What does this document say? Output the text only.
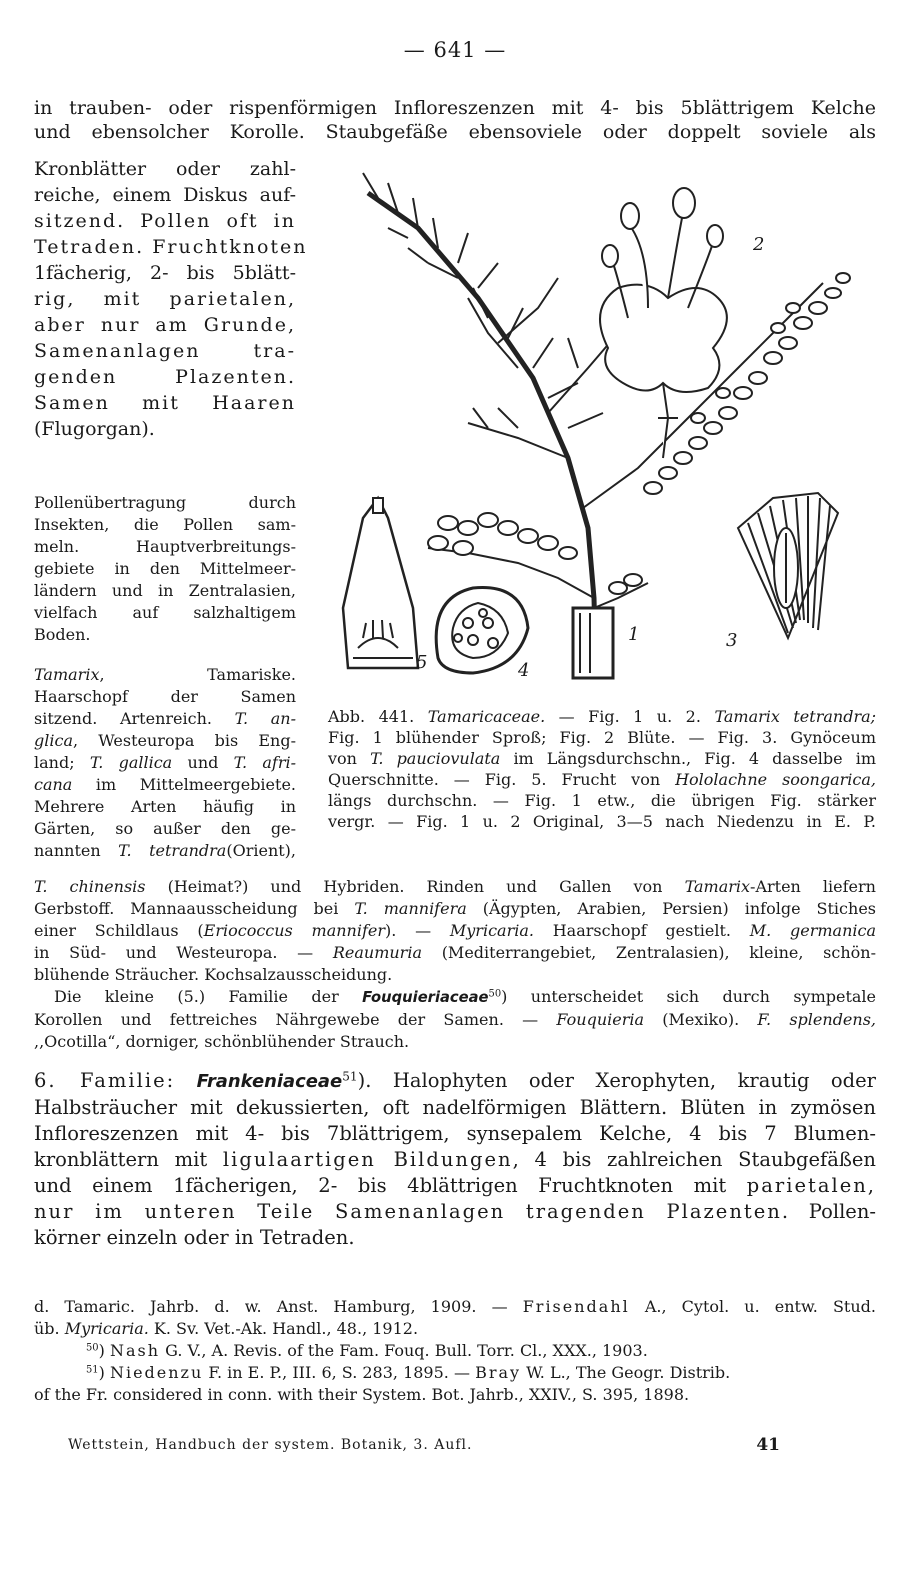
— 641 —
in trauben- oder rispenförmigen Infloreszenzen mit 4- bis 5blättrigem Kelche
und ebensolcher Korolle. Staubgefäße ebensoviele oder doppelt soviele als
Kronblätter oder zahl-
reiche, einem Diskus auf-
sitzend. Pollen oft in
Tetraden. Fruchtknoten
1fächerig, 2- bis 5blätt-
rig, mit parietalen,
aber nur am Grunde,
Samenanlagen tra-
genden Plazenten.
Samen mit Haaren
(Flugorgan).
Pollenübertragung durch
Insekten, die Pollen sam-
meln. Hauptverbreitungs-
gebiete in den Mittelmeer-
ländern und in Zentralasien,
vielfach auf salzhaltigem
Boden.
Tamarix, Tamariske.
Haarschopf der Samen
sitzend. Artenreich. T. an-
glica, Westeuropa bis Eng-
land; T. gallica und T. afri-
cana im Mittelmeergebiete.
Mehrere Arten häufig in
Gärten, so außer den ge-
nannten T. tetrandra(Orient),
2
1	3
4
5
Abb. 441. Tamaricaceae. — Fig. 1 u. 2. Tamarix tetrandra;
Fig. 1 blühender Sproß; Fig. 2 Blüte. — Fig. 3. Gynöceum
von T. pauciovulata im Längsdurchschn., Fig. 4 dasselbe im
Querschnitte. — Fig. 5. Frucht von Hololachne soongarica,
längs durchschn. — Fig. 1 etw., die übrigen Fig. stärker
vergr. — Fig. 1 u. 2 Original, 3—5 nach Niedenzu in E. P.
T. chinensis (Heimat?) und Hybriden. Rinden und Gallen von Tamarix-Arten liefern
Gerbstoff. Mannaausscheidung bei T. mannifera (Ägypten, Arabien, Persien) infolge Stiches
einer Schildlaus (Eriococcus mannifer). — Myricaria. Haarschopf gestielt. M. germanica
in Süd- und Westeuropa. — Reaumuria (Mediterrangebiet, Zentralasien), kleine, schön-
blühende Sträucher. Kochsalzausscheidung.
Die kleine (5.) Familie der Fouquieriaceae$^{50}$) unterscheidet sich durch sympetale
Korollen und fettreiches Nährgewebe der Samen. — Fouquieria (Mexiko). F. splendens,
,,Ocotilla“, dorniger, schönblühender Strauch.
6. Familie: Frankeniaceae$^{51}$). Halophyten oder Xerophyten, krautig oder
Halbsträucher mit dekussierten, oft nadelförmigen Blättern. Blüten in zymösen
Infloreszenzen mit 4- bis 7blättrigem, synsepalem Kelche, 4 bis 7 Blumen-
kronblättern mit ligulaartigen Bildungen, 4 bis zahlreichen Staubgefäßen
und einem 1fächerigen, 2- bis 4blättrigen Fruchtknoten mit parietalen,
nur im unteren Teile Samenanlagen tragenden Plazenten. Pollen-
körner einzeln oder in Tetraden.
d. Tamaric. Jahrb. d. w. Anst. Hamburg, 1909. — Frisendahl A., Cytol. u. entw. Stud.
üb. Myricaria. K. Sv. Vet.-Ak. Handl., 48., 1912.
$^{50}$) Nash G. V., A. Revis. of the Fam. Fouq. Bull. Torr. Cl., XXX., 1903.
$^{51}$) Niedenzu F. in E. P., III. 6, S. 283, 1895. — Bray W. L., The Geogr. Distrib.
of the Fr. considered in conn. with their System. Bot. Jahrb., XXIV., S. 395, 1898.
Wettstein, Handbuch der system. Botanik, 3. Aufl.	41
